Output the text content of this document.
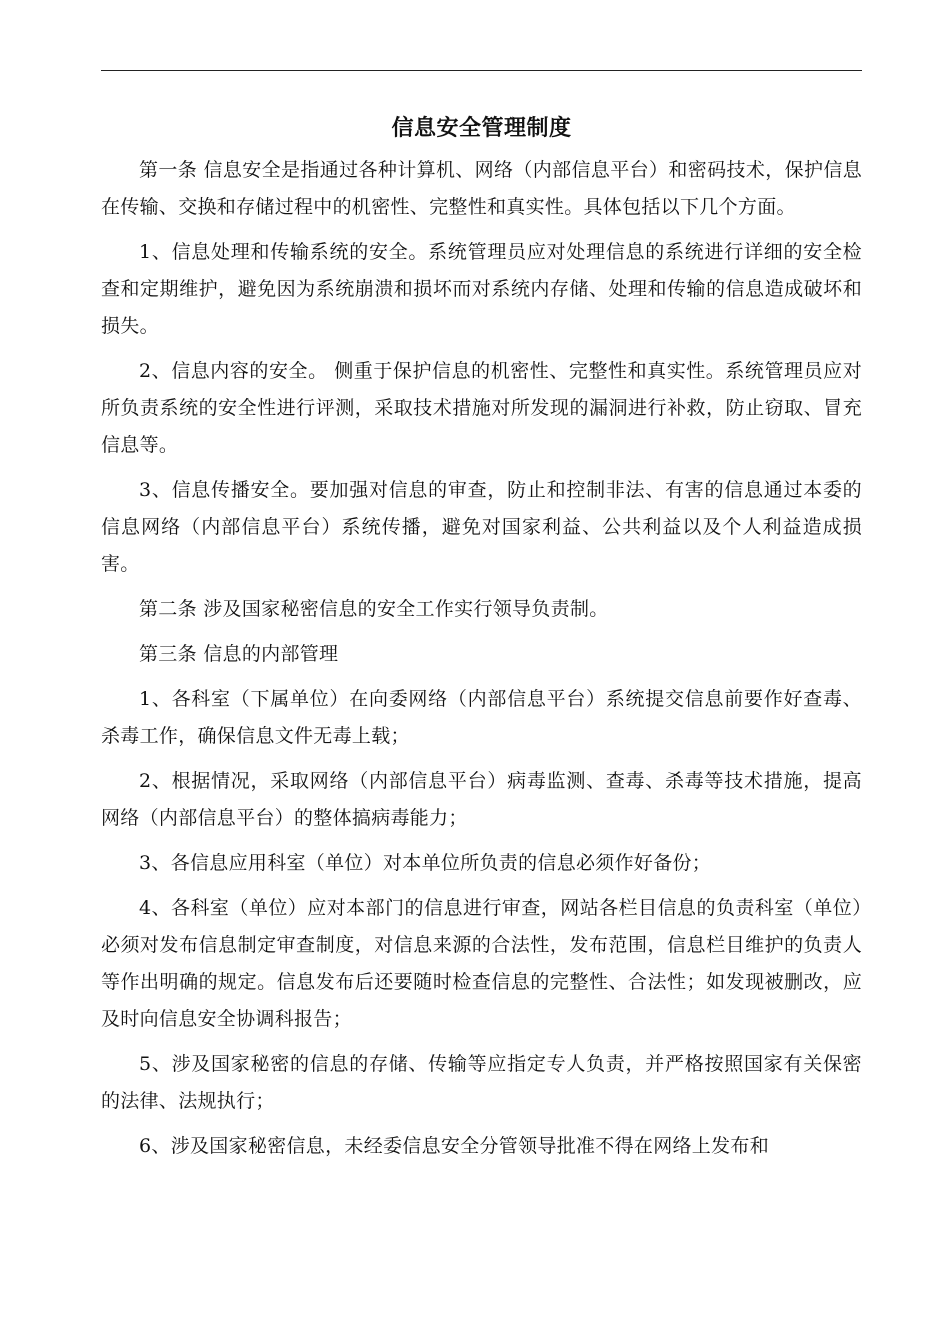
信息安全管理制度

第一条 信息安全是指通过各种计算机、网络（内部信息平台）和密码技术，保护信息在传输、交换和存储过程中的机密性、完整性和真实性。具体包括以下几个方面。

1、信息处理和传输系统的安全。系统管理员应对处理信息的系统进行详细的安全检查和定期维护，避免因为系统崩溃和损坏而对系统内存储、处理和传输的信息造成破坏和损失。

2、信息内容的安全。 侧重于保护信息的机密性、完整性和真实性。系统管理员应对所负责系统的安全性进行评测，采取技术措施对所发现的漏洞进行补救，防止窃取、冒充信息等。

3、信息传播安全。要加强对信息的审查，防止和控制非法、有害的信息通过本委的信息网络（内部信息平台）系统传播，避免对国家利益、公共利益以及个人利益造成损害。

第二条 涉及国家秘密信息的安全工作实行领导负责制。

第三条 信息的内部管理

1、各科室（下属单位）在向委网络（内部信息平台）系统提交信息前要作好查毒、杀毒工作，确保信息文件无毒上载；

2、根据情况，采取网络（内部信息平台）病毒监测、查毒、杀毒等技术措施，提高网络（内部信息平台）的整体搞病毒能力；

3、各信息应用科室（单位）对本单位所负责的信息必须作好备份；

4、各科室（单位）应对本部门的信息进行审查，网站各栏目信息的负责科室（单位）必须对发布信息制定审查制度，对信息来源的合法性，发布范围，信息栏目维护的负责人等作出明确的规定。信息发布后还要随时检查信息的完整性、合法性；如发现被删改，应及时向信息安全协调科报告；

5、涉及国家秘密的信息的存储、传输等应指定专人负责，并严格按照国家有关保密的法律、法规执行；

6、涉及国家秘密信息，未经委信息安全分管领导批准不得在网络上发布和
